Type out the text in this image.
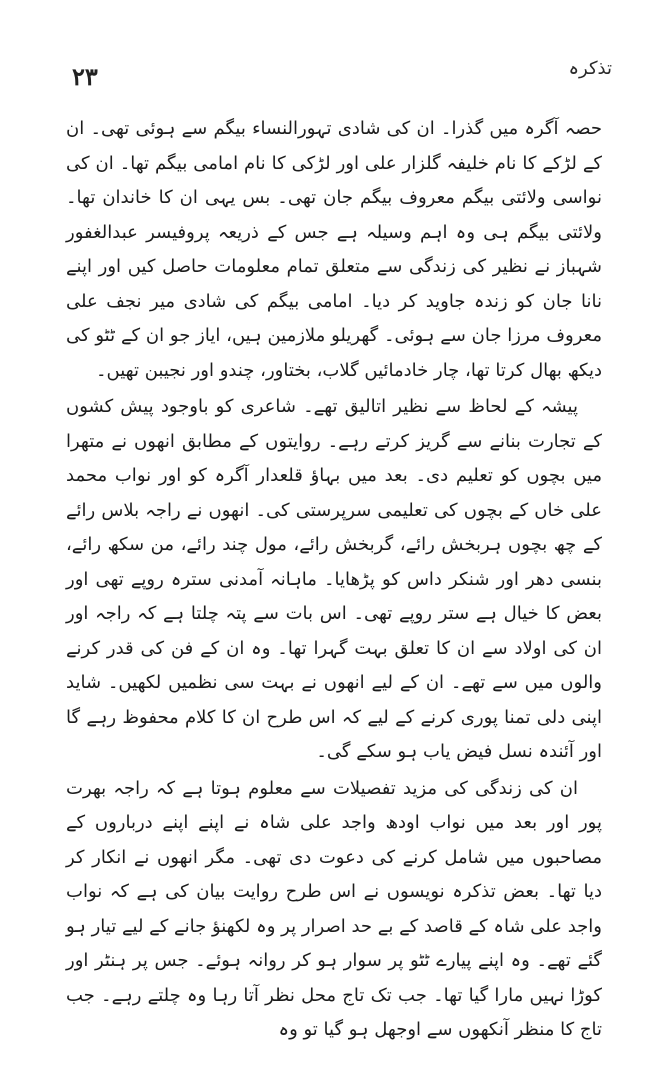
۲۳	تذکرہ

حصہ آگرہ میں گذرا۔ ان کی شادی تہورالنساء بیگم سے ہوئی تھی۔ ان کے لڑکے کا نام خلیفہ گلزار علی اور لڑکی کا نام امامی بیگم تھا۔ ان کی نواسی ولائتی بیگم معروف بیگم جان تھی۔ بس یہی ان کا خاندان تھا۔ ولائتی بیگم ہی وہ اہم وسیلہ ہے جس کے ذریعہ پروفیسر عبدالغفور شہباز نے نظیر کی زندگی سے متعلق تمام معلومات حاصل کیں اور اپنے نانا جان کو زندہ جاوید کر دیا۔ امامی بیگم کی شادی میر نجف علی معروف مرزا جان سے ہوئی۔ گھریلو ملازمین ہیں، ایاز جو ان کے ٹٹو کی دیکھ بھال کرتا تھا، چار خادمائیں گلاب، بختاور، چندو اور نجیبن تھیں۔

پیشہ کے لحاظ سے نظیر اتالیق تھے۔ شاعری کو باوجود پیش کشوں کے تجارت بنانے سے گریز کرتے رہے۔ روایتوں کے مطابق انھوں نے متھرا میں بچوں کو تعلیم دی۔ بعد میں بہاؤ قلعدار آگرہ کو اور نواب محمد علی خاں کے بچوں کی تعلیمی سرپرستی کی۔ انھوں نے راجہ بلاس رائے کے چھ بچوں ہربخش رائے، گربخش رائے، مول چند رائے، من سکھ رائے، بنسی دھر اور شنکر داس کو پڑھایا۔ ماہانہ آمدنی سترہ روپے تھی اور بعض کا خیال ہے ستر روپے تھی۔ اس بات سے پتہ چلتا ہے کہ راجہ اور ان کی اولاد سے ان کا تعلق بہت گہرا تھا۔ وہ ان کے فن کی قدر کرنے والوں میں سے تھے۔ ان کے لیے انھوں نے بہت سی نظمیں لکھیں۔ شاید اپنی دلی تمنا پوری کرنے کے لیے کہ اس طرح ان کا کلام محفوظ رہے گا اور آئندہ نسل فیض یاب ہو سکے گی۔

ان کی زندگی کی مزید تفصیلات سے معلوم ہوتا ہے کہ راجہ بھرت پور اور بعد میں نواب اودھ واجد علی شاہ نے اپنے اپنے درباروں کے مصاحبوں میں شامل کرنے کی دعوت دی تھی۔ مگر انھوں نے انکار کر دیا تھا۔ بعض تذکرہ نویسوں نے اس طرح روایت بیان کی ہے کہ نواب واجد علی شاہ کے قاصد کے بے حد اصرار پر وہ لکھنؤ جانے کے لیے تیار ہو گئے تھے۔ وہ اپنے پیارے ٹٹو پر سوار ہو کر روانہ ہوئے۔ جس پر ہنٹر اور کوڑا نہیں مارا گیا تھا۔ جب تک تاج محل نظر آتا رہا وہ چلتے رہے۔ جب تاج کا منظر آنکھوں سے اوجھل ہو گیا تو وہ
